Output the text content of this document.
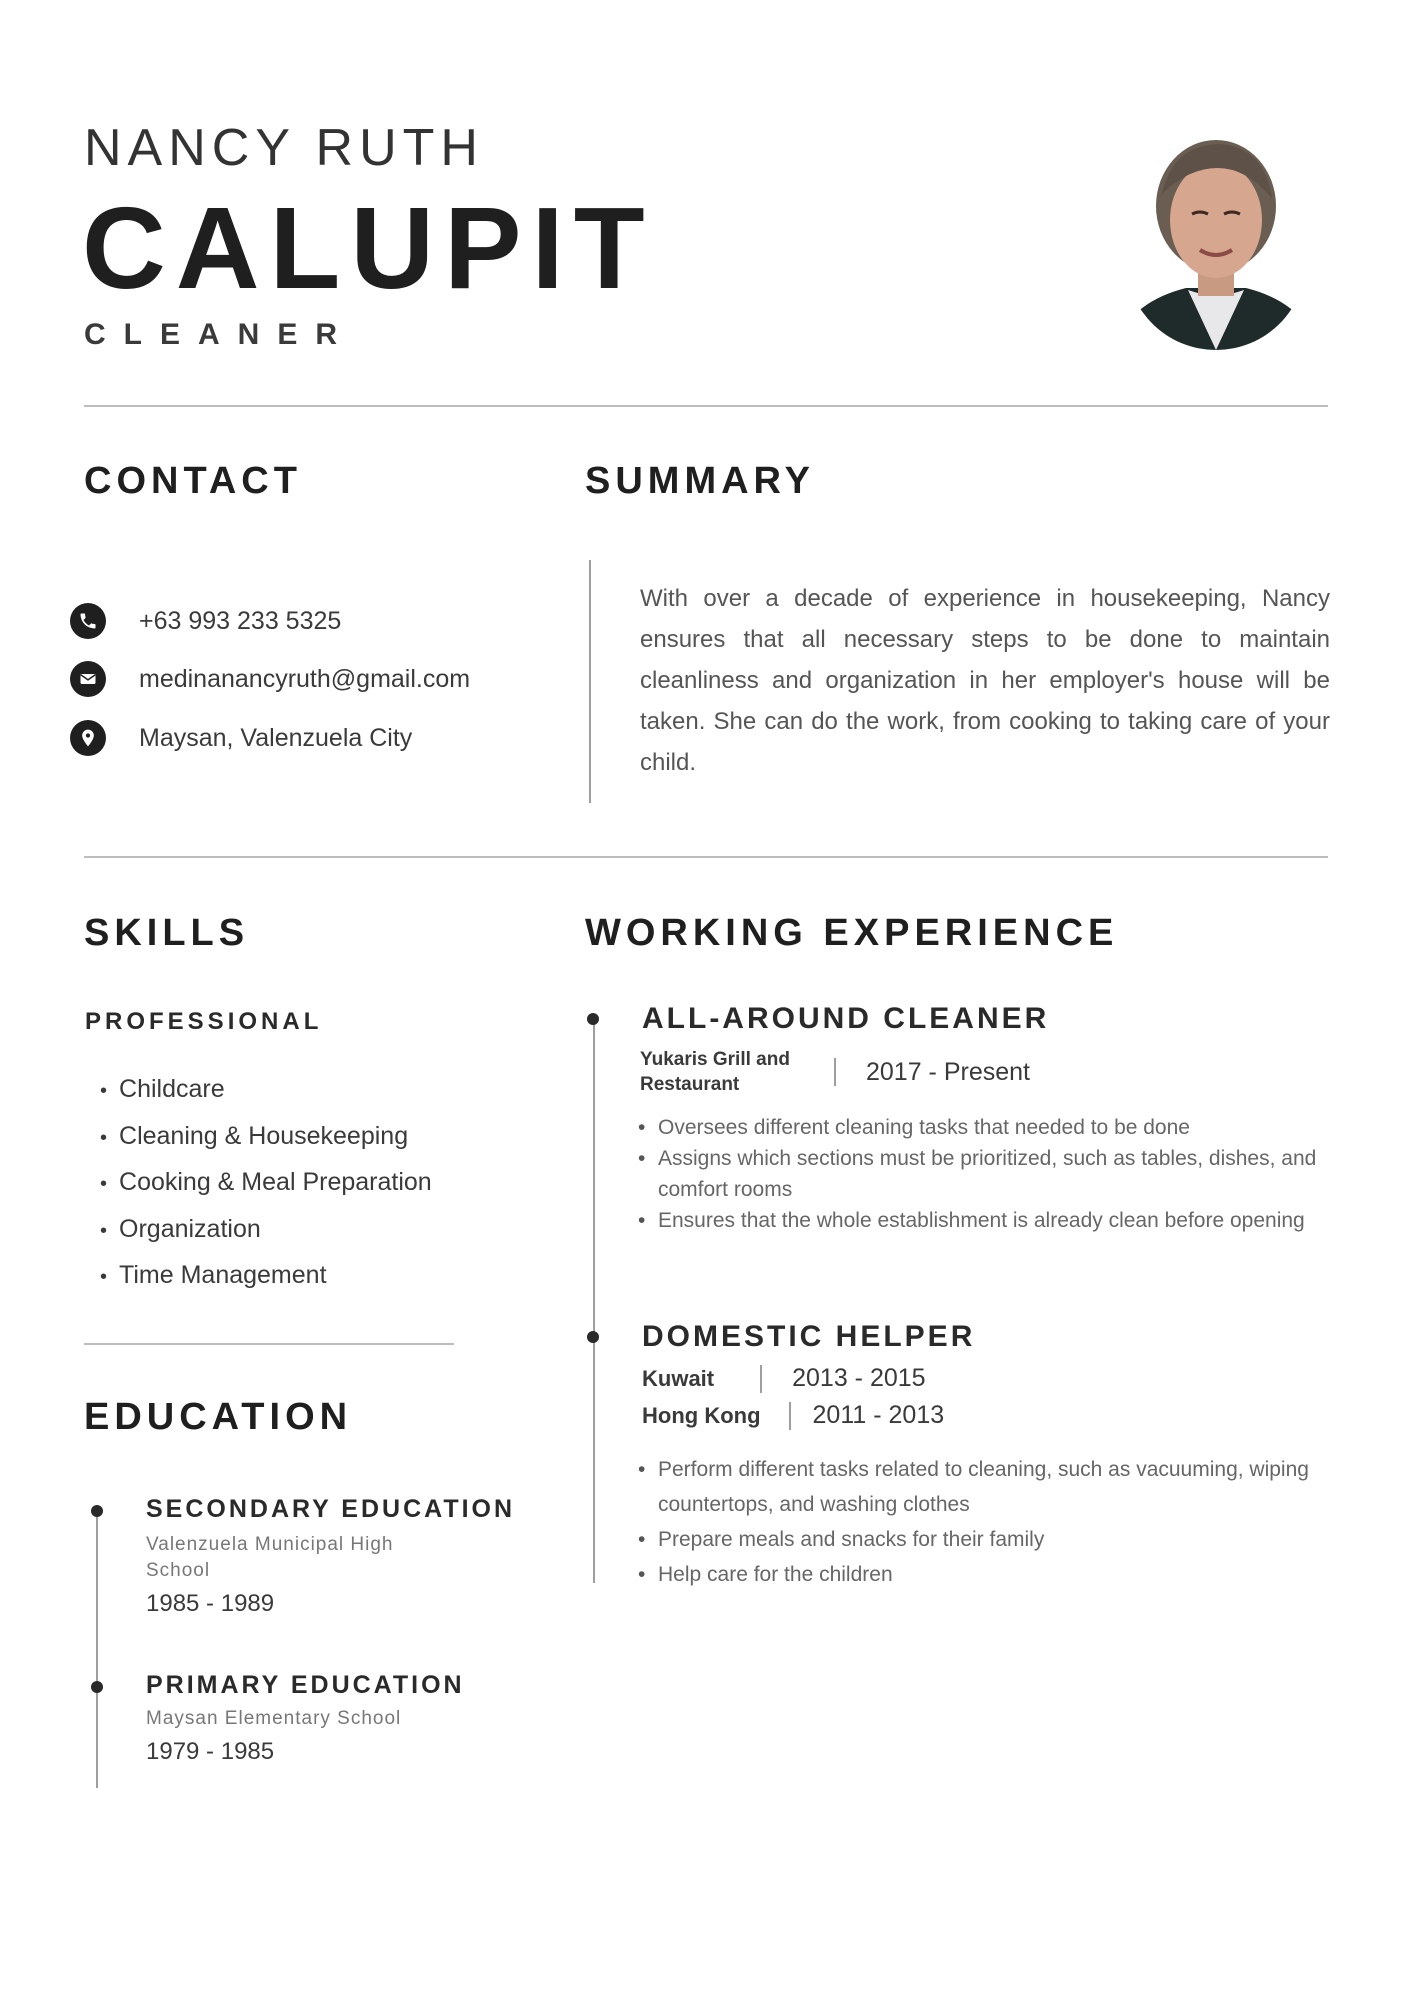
NANCY RUTH
CALUPIT
CLEANER
CONTACT
+63 993 233 5325
medinanancyruth@gmail.com
Maysan, Valenzuela City
SUMMARY
With over a decade of experience in housekeeping, Nancy ensures that all necessary steps to be done to maintain cleanliness and organization in her employer's house will be taken. She can do the work, from cooking to taking care of your child.
SKILLS
PROFESSIONAL
• Childcare
• Cleaning & Housekeeping
• Cooking & Meal Preparation
• Organization
• Time Management
EDUCATION
SECONDARY EDUCATION
Valenzuela Municipal High School
1985 - 1989
PRIMARY EDUCATION
Maysan Elementary School
1979 - 1985
WORKING EXPERIENCE
ALL-AROUND CLEANER
Yukaris Grill and Restaurant	2017 - Present
• Oversees different cleaning tasks that needed to be done
• Assigns which sections must be prioritized, such as tables, dishes, and comfort rooms
• Ensures that the whole establishment is already clean before opening
DOMESTIC HELPER
Kuwait	2013 - 2015
Hong Kong 2011 - 2013
• Perform different tasks related to cleaning, such as vacuuming, wiping countertops, and washing clothes
• Prepare meals and snacks for their family
• Help care for the children
